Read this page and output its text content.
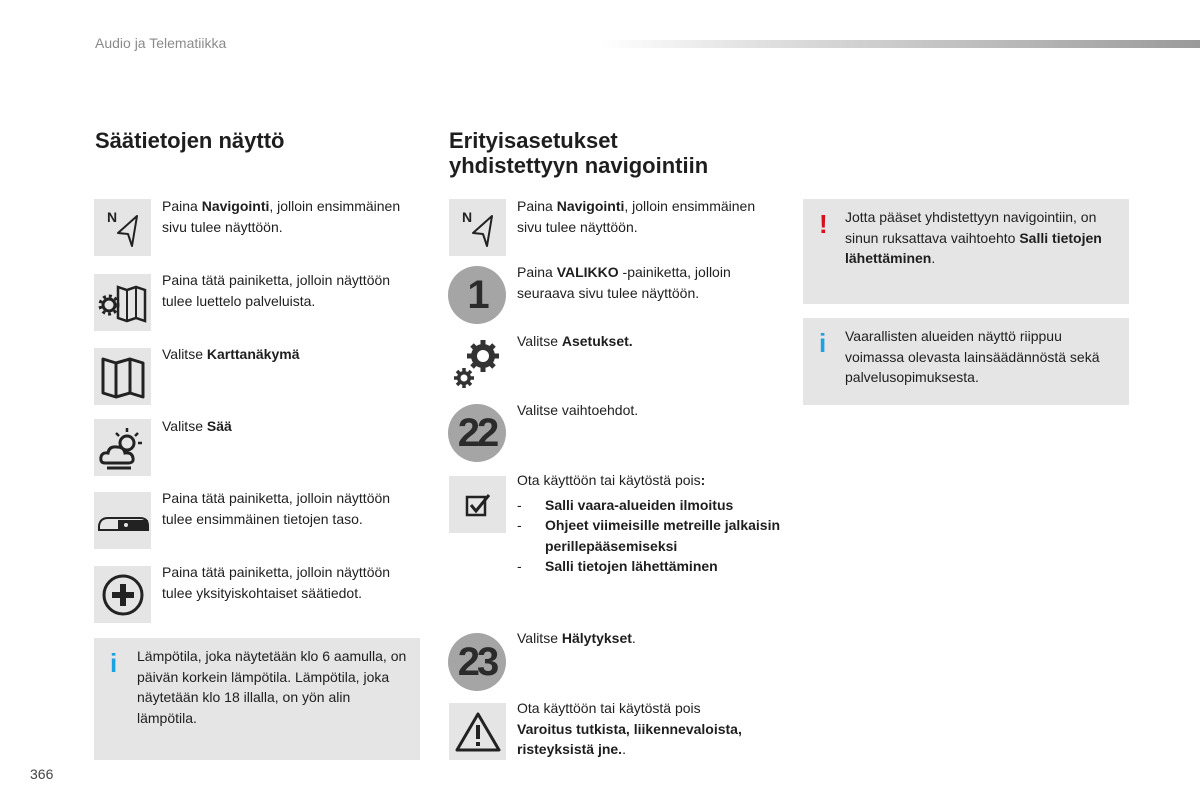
Audio ja Telematiikka
Säätietojen näyttö
N
Paina Navigointi, jolloin ensimmäinen sivu tulee näyttöön.
Paina tätä painiketta, jolloin näyttöön tulee luettelo palveluista.
Valitse Karttanäkymä
Valitse Sää
Paina tätä painiketta, jolloin näyttöön tulee ensimmäinen tietojen taso.
Paina tätä painiketta, jolloin näyttöön tulee yksityiskohtaiset säätiedot.
i Lämpötila, joka näytetään klo 6 aamulla, on päivän korkein lämpötila. Lämpötila, joka näytetään klo 18 illalla, on yön alin lämpötila.
Erityisasetukset
yhdistettyyn navigointiin
N
Paina Navigointi, jolloin ensimmäinen sivu tulee näyttöön.
1
Paina VALIKKO -painiketta, jolloin seuraava sivu tulee näyttöön.
Valitse Asetukset.
22
Valitse vaihtoehdot.
Ota käyttöön tai käytöstä pois:
- Salli vaara-alueiden ilmoitus
- Ohjeet viimeisille metreille jalkaisin perillepääsemiseksi
- Salli tietojen lähettäminen
23
Valitse Hälytykset.
Ota käyttöön tai käytöstä pois
Varoitus tutkista, liikennevaloista, risteyksistä jne..
! Jotta pääset yhdistettyyn navigointiin, on sinun ruksattava vaihtoehto Salli tietojen lähettäminen.
i Vaarallisten alueiden näyttö riippuu voimassa olevasta lainsäädännöstä sekä palvelusopimuksesta.
366
